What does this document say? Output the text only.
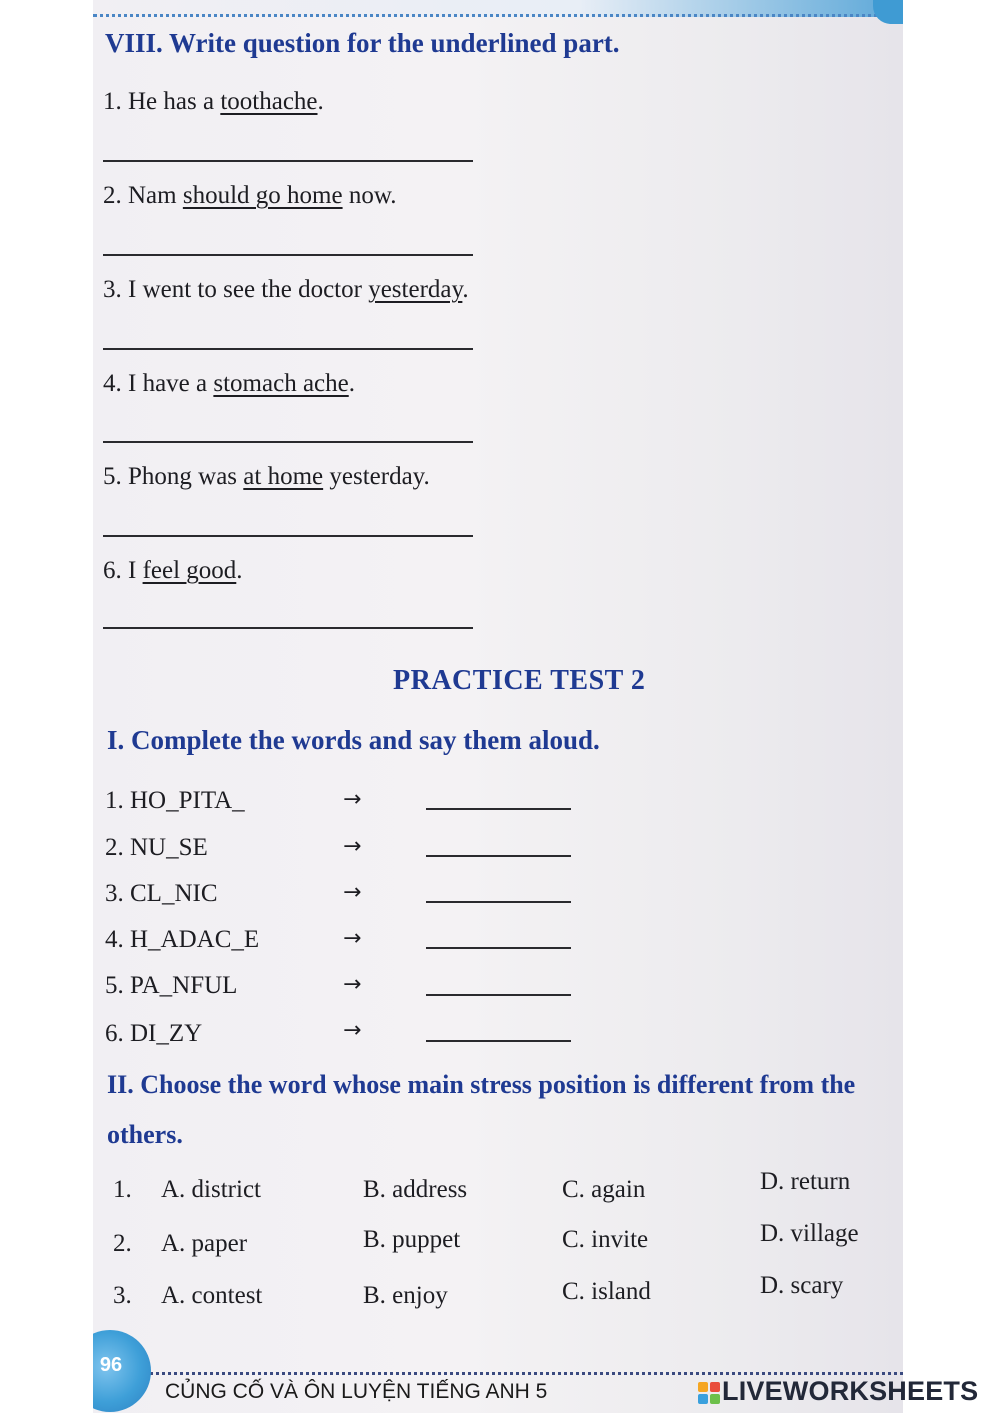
VIII. Write question for the underlined part.
1. He has a toothache.
2. Nam should go home now.
3. I went to see the doctor yesterday.
4. I have a stomach ache.
5. Phong was at home yesterday.
6. I feel good.
PRACTICE TEST 2
I. Complete the words and say them aloud.
1. HO_PITA_	→
2. NU_SE	→
3. CL_NIC	→
4. H_ADAC_E	→
5. PA_NFUL	→
6. DI_ZY	→
II. Choose the word whose main stress position is different from the
others.
1. A. district	B. address	C. again	D. return
2. A. paper	B. puppet	C. invite	D. village
3. A. contest	B. enjoy	C. island	D. scary
96
CỦNG CỐ VÀ ÔN LUYỆN TIẾNG ANH 5	LIVEWORKSHEETS
